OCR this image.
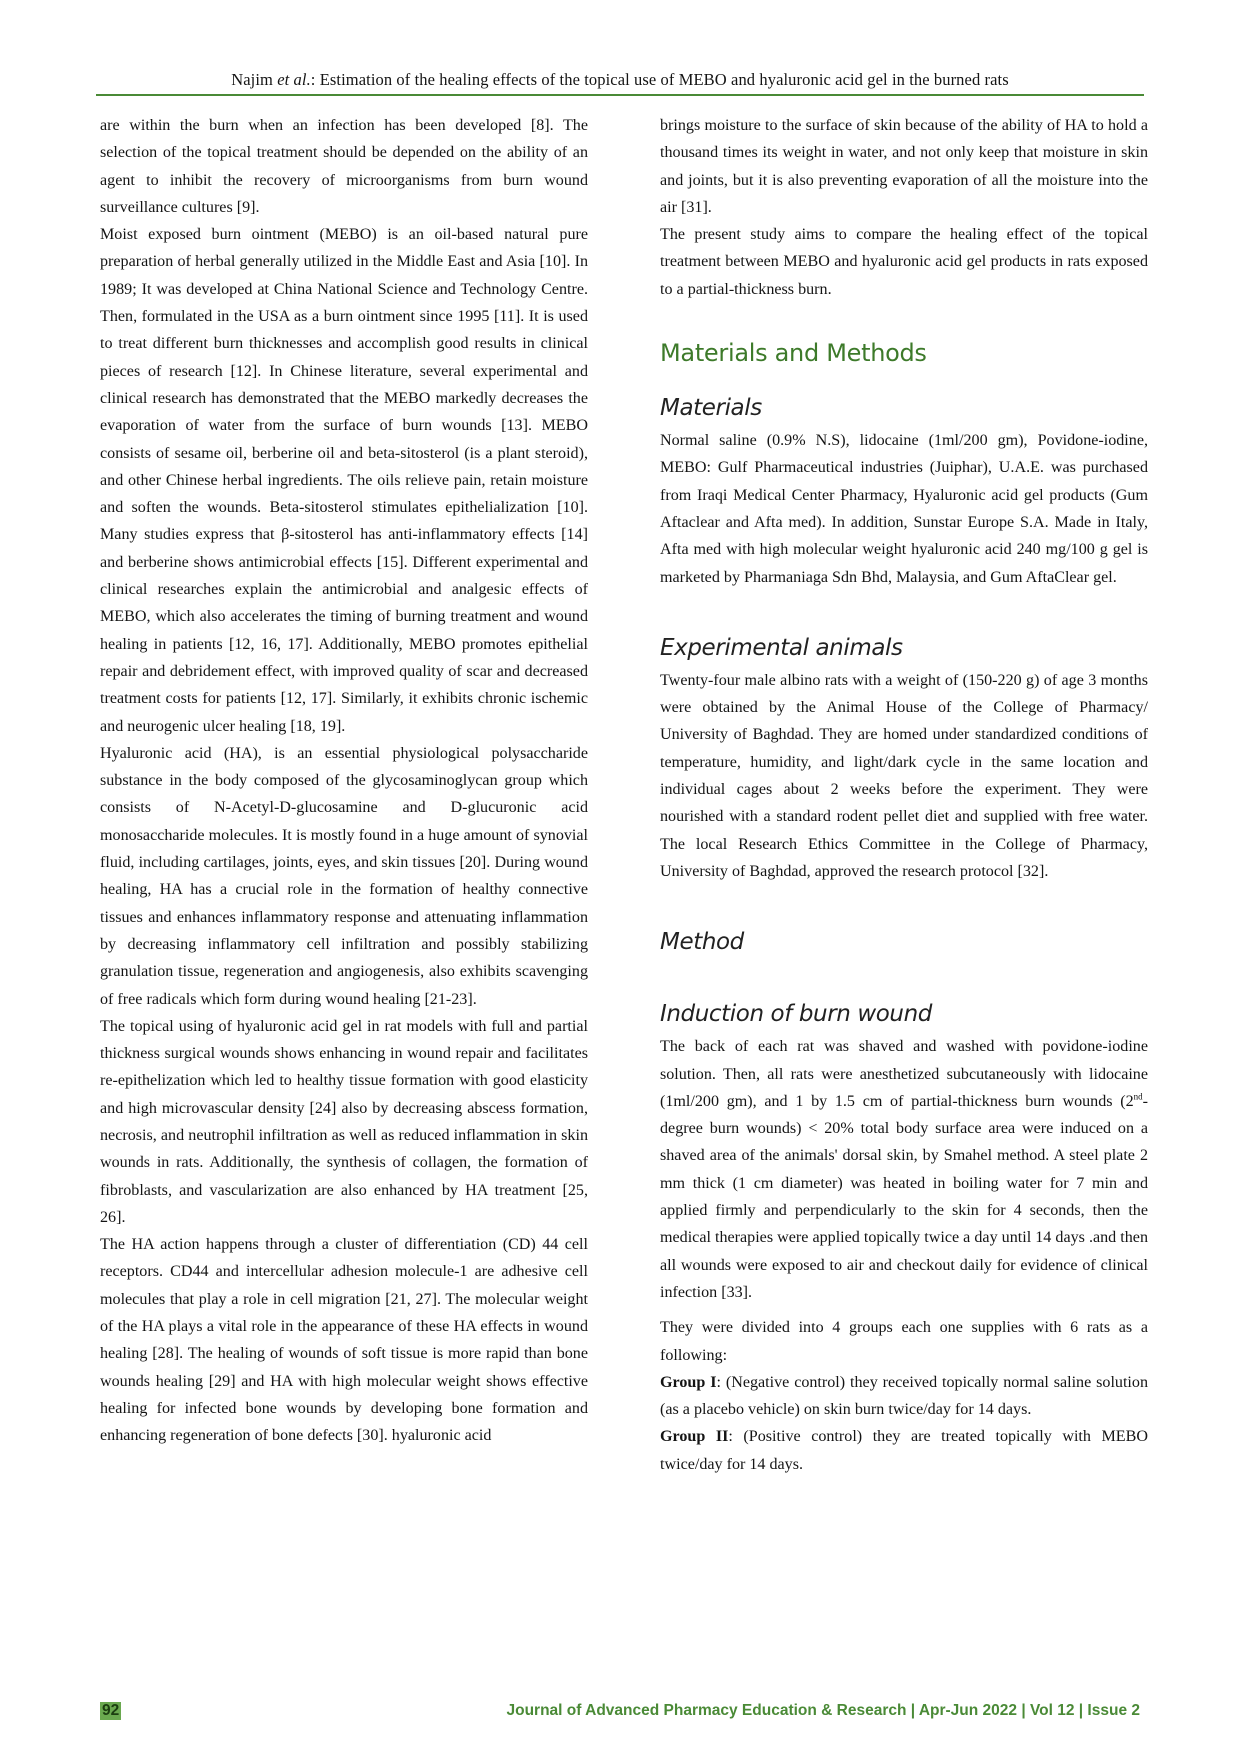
Najim et al.: Estimation of the healing effects of the topical use of MEBO and hyaluronic acid gel in the burned rats

are within the burn when an infection has been developed [8]. The selection of the topical treatment should be depended on the ability of an agent to inhibit the recovery of microorganisms from burn wound surveillance cultures [9].

Moist exposed burn ointment (MEBO) is an oil-based natural pure preparation of herbal generally utilized in the Middle East and Asia [10]. In 1989; It was developed at China National Science and Technology Centre. Then, formulated in the USA as a burn ointment since 1995 [11]. It is used to treat different burn thicknesses and accomplish good results in clinical pieces of research [12]. In Chinese literature, several experimental and clinical research has demonstrated that the MEBO markedly decreases the evaporation of water from the surface of burn wounds [13]. MEBO consists of sesame oil, berberine oil and beta-sitosterol (is a plant steroid), and other Chinese herbal ingredients. The oils relieve pain, retain moisture and soften the wounds. Beta-sitosterol stimulates epithelialization [10]. Many studies express that β-sitosterol has anti-inflammatory effects [14] and berberine shows antimicrobial effects [15]. Different experimental and clinical researches explain the antimicrobial and analgesic effects of MEBO, which also accelerates the timing of burning treatment and wound healing in patients [12, 16, 17]. Additionally, MEBO promotes epithelial repair and debridement effect, with improved quality of scar and decreased treatment costs for patients [12, 17]. Similarly, it exhibits chronic ischemic and neurogenic ulcer healing [18, 19].

Hyaluronic acid (HA), is an essential physiological polysaccharide substance in the body composed of the glycosaminoglycan group which consists of N-Acetyl-D-glucosamine and D-glucuronic acid monosaccharide molecules. It is mostly found in a huge amount of synovial fluid, including cartilages, joints, eyes, and skin tissues [20]. During wound healing, HA has a crucial role in the formation of healthy connective tissues and enhances inflammatory response and attenuating inflammation by decreasing inflammatory cell infiltration and possibly stabilizing granulation tissue, regeneration and angiogenesis, also exhibits scavenging of free radicals which form during wound healing [21-23].

The topical using of hyaluronic acid gel in rat models with full and partial thickness surgical wounds shows enhancing in wound repair and facilitates re-epithelization which led to healthy tissue formation with good elasticity and high microvascular density [24] also by decreasing abscess formation, necrosis, and neutrophil infiltration as well as reduced inflammation in skin wounds in rats. Additionally, the synthesis of collagen, the formation of fibroblasts, and vascularization are also enhanced by HA treatment [25, 26].

The HA action happens through a cluster of differentiation (CD) 44 cell receptors. CD44 and intercellular adhesion molecule-1 are adhesive cell molecules that play a role in cell migration [21, 27]. The molecular weight of the HA plays a vital role in the appearance of these HA effects in wound healing [28]. The healing of wounds of soft tissue is more rapid than bone wounds healing [29] and HA with high molecular weight shows effective healing for infected bone wounds by developing bone formation and enhancing regeneration of bone defects [30]. hyaluronic acid

brings moisture to the surface of skin because of the ability of HA to hold a thousand times its weight in water, and not only keep that moisture in skin and joints, but it is also preventing evaporation of all the moisture into the air [31].

The present study aims to compare the healing effect of the topical treatment between MEBO and hyaluronic acid gel products in rats exposed to a partial-thickness burn.

Materials and Methods
Materials

Normal saline (0.9% N.S), lidocaine (1ml/200 gm), Povidone-iodine, MEBO: Gulf Pharmaceutical industries (Juiphar), U.A.E. was purchased from Iraqi Medical Center Pharmacy, Hyaluronic acid gel products (Gum Aftaclear and Afta med). In addition, Sunstar Europe S.A. Made in Italy, Afta med with high molecular weight hyaluronic acid 240 mg/100 g gel is marketed by Pharmaniaga Sdn Bhd, Malaysia, and Gum AftaClear gel.

Experimental animals

Twenty-four male albino rats with a weight of (150-220 g) of age 3 months were obtained by the Animal House of the College of Pharmacy/ University of Baghdad. They are homed under standardized conditions of temperature, humidity, and light/dark cycle in the same location and individual cages about 2 weeks before the experiment. They were nourished with a standard rodent pellet diet and supplied with free water. The local Research Ethics Committee in the College of Pharmacy, University of Baghdad, approved the research protocol [32].

Method
Induction of burn wound

The back of each rat was shaved and washed with povidone-iodine solution. Then, all rats were anesthetized subcutaneously with lidocaine (1ml/200 gm), and 1 by 1.5 cm of partial-thickness burn wounds (2nd- degree burn wounds) < 20% total body surface area were induced on a shaved area of the animals' dorsal skin, by Smahel method. A steel plate 2 mm thick (1 cm diameter) was heated in boiling water for 7 min and applied firmly and perpendicularly to the skin for 4 seconds, then the medical therapies were applied topically twice a day until 14 days .and then all wounds were exposed to air and checkout daily for evidence of clinical infection [33].

They were divided into 4 groups each one supplies with 6 rats as a following:

Group I: (Negative control) they received topically normal saline solution (as a placebo vehicle) on skin burn twice/day for 14 days.

Group II: (Positive control) they are treated topically with MEBO twice/day for 14 days.

92	Journal of Advanced Pharmacy Education & Research | Apr-Jun 2022 | Vol 12 | Issue 2
